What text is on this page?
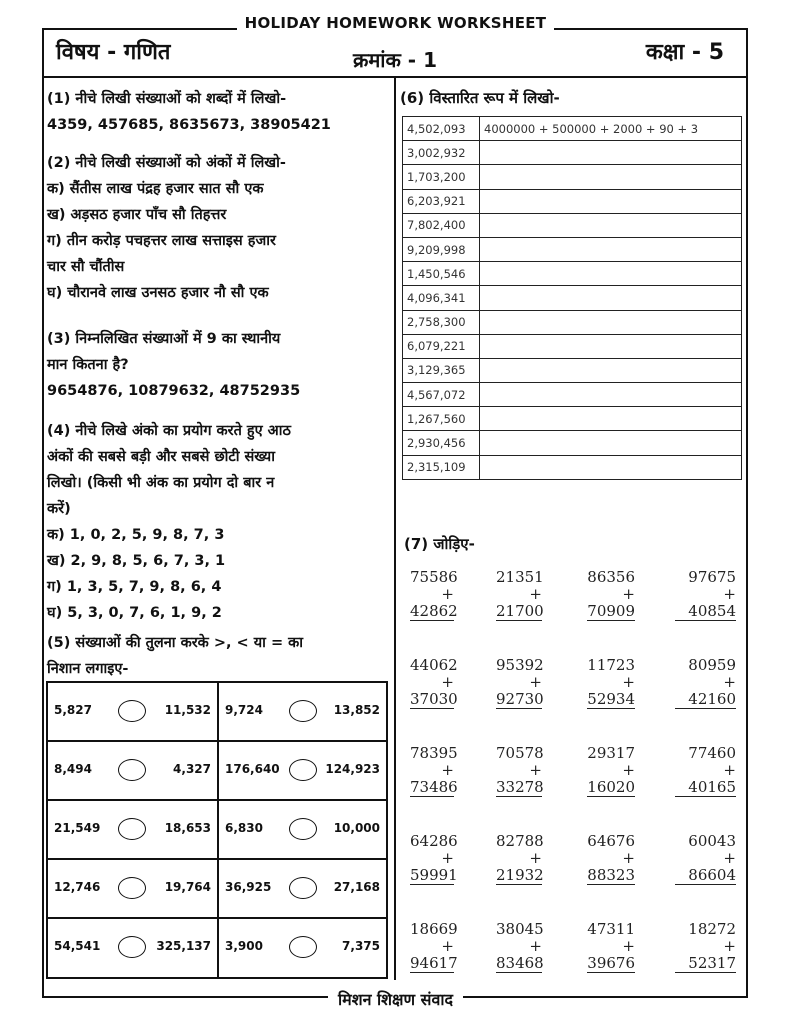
HOLIDAY HOMEWORK WORKSHEET
विषय - गणित	क्रमांक - 1	कक्षा - 5
(1) नीचे लिखी संख्याओं को शब्दों में लिखो-
4359, 457685, 8635673, 38905421
(2) नीचे लिखी संख्याओं को अंकों में लिखो-
क) सैंतीस लाख पंद्रह हजार सात सौ एक
ख) अड़सठ हजार पाँच सौ तिहत्तर
ग) तीन करोड़ पचहत्तर लाख सत्ताइस हजार
चार सौ चौंतीस
घ) चौरानवे लाख उनसठ हजार नौ सौ एक
(3) निम्नलिखित संख्याओं में 9 का स्थानीय
मान कितना है?
9654876, 10879632, 48752935
(4) नीचे लिखे अंको का प्रयोग करते हुए आठ
अंकों की सबसे बड़ी और सबसे छोटी संख्या
लिखो। (किसी भी अंक का प्रयोग दो बार न
करें)
क) 1, 0, 2, 5, 9, 8, 7, 3
ख) 2, 9, 8, 5, 6, 7, 3, 1
ग) 1, 3, 5, 7, 9, 8, 6, 4
घ) 5, 3, 0, 7, 6, 1, 9, 2
(5) संख्याओं की तुलना करके >, < या = का
निशान लगाइए-
5,827	11,532 9,724	13,852
8,494	4,327 176,640	124,923
21,549	18,653 6,830	10,000
12,746	19,764 36,925	27,168
54,541	325,137 3,900	7,375
(6) विस्तारित रूप में लिखो-
4,502,093	4000000 + 500000 + 2000 + 90 + 3
3,002,932	
1,703,200	
6,203,921	
7,802,400	
9,209,998	
1,450,546	
4,096,341	
2,758,300	
6,079,221	
3,129,365	
4,567,072	
1,267,560	
2,930,456	
2,315,109	
(7) जोड़िए-
75586
+ 42862
21351
+ 21700
86356
+ 70909
97675
+ 40854
44062
+ 37030
95392
+ 92730
11723
+ 52934
80959
+ 42160
78395
+ 73486
70578
+ 33278
29317
+ 16020
77460
+ 40165
64286
+ 59991
82788
+ 21932
64676
+ 88323
60043
+ 86604
18669
+ 94617
38045
+ 83468
47311
+ 39676
18272
+ 52317
मिशन शिक्षण संवाद
